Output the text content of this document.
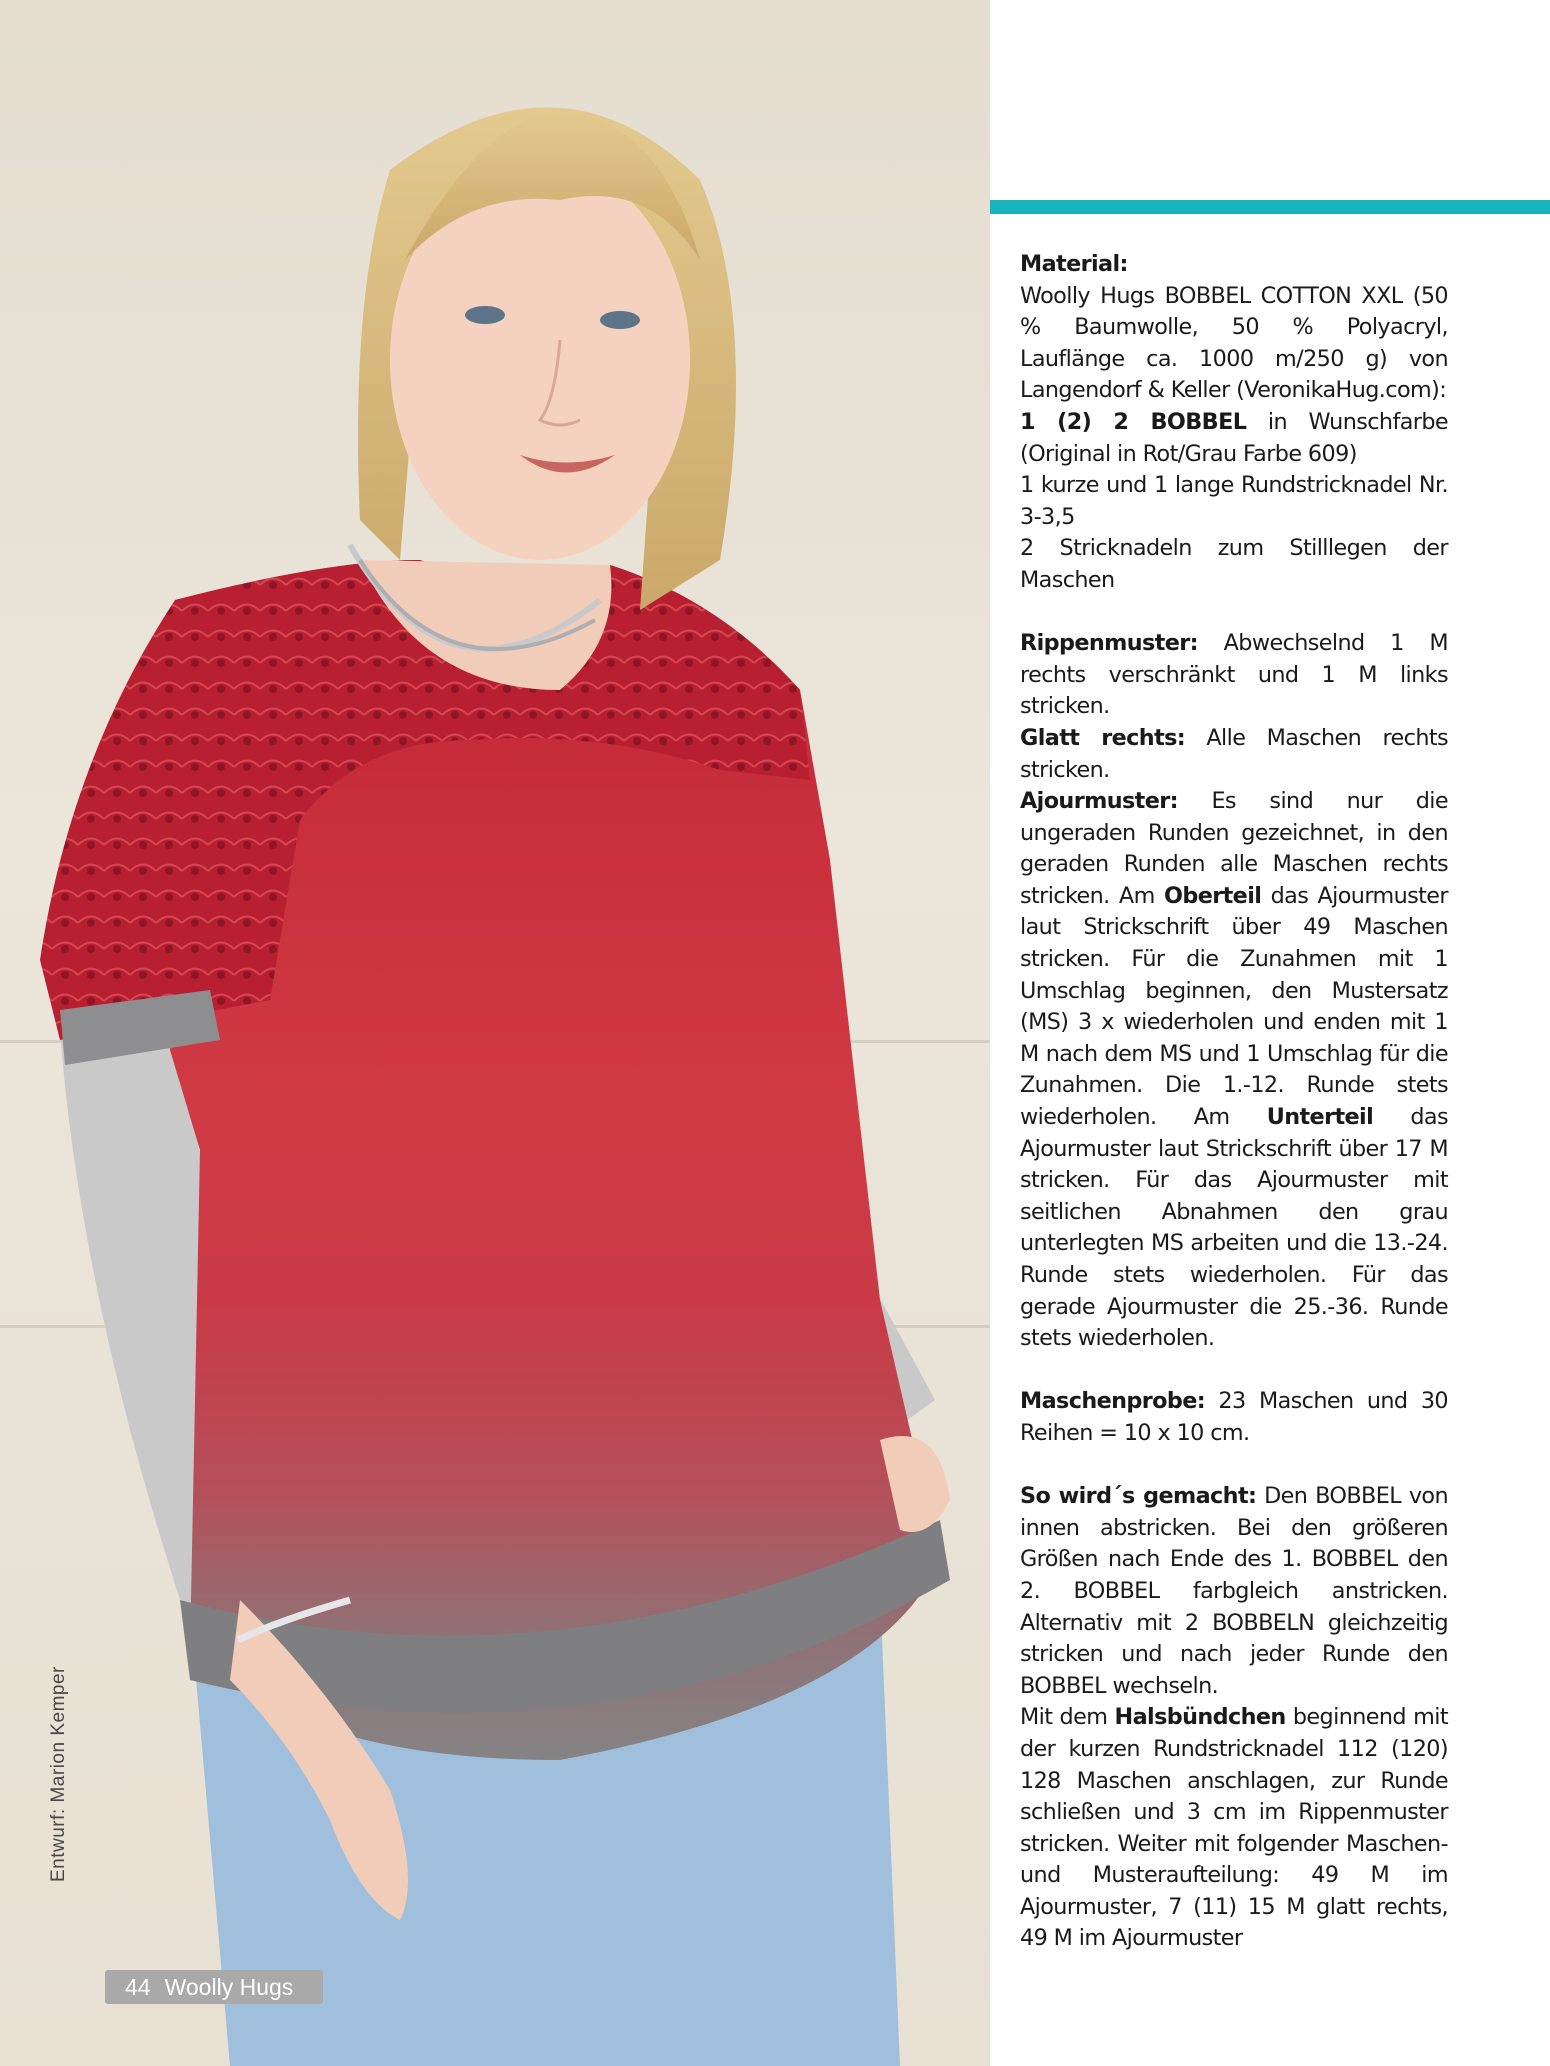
Entwurf: Marion Kemper
44 Woolly Hugs

Material:
Woolly Hugs BOBBEL COTTON XXL (50 % Baumwolle, 50 % Polyacryl, Lauflänge ca. 1000 m/250 g) von Langendorf & Keller (VeronikaHug.com):
1 (2) 2 BOBBEL in Wunschfarbe (Original in Rot/Grau Farbe 609)
1 kurze und 1 lange Rundstricknadel Nr. 3-3,5
2 Stricknadeln zum Stilllegen der Maschen

Rippenmuster: Abwechselnd 1 M rechts verschränkt und 1 M links stricken.

Glatt rechts: Alle Maschen rechts stricken.

Ajourmuster: Es sind nur die ungeraden Runden gezeichnet, in den geraden Runden alle Maschen rechts stricken. Am Oberteil das Ajourmuster laut Strickschrift über 49 Maschen stricken. Für die Zunahmen mit 1 Umschlag beginnen, den Mustersatz (MS) 3 x wiederholen und enden mit 1 M nach dem MS und 1 Umschlag für die Zunahmen. Die 1.-12. Runde stets wiederholen. Am Unterteil das Ajourmuster laut Strickschrift über 17 M stricken. Für das Ajourmuster mit seitlichen Abnahmen den grau unterlegten MS arbeiten und die 13.-24. Runde stets wiederholen. Für das gerade Ajourmuster die 25.-36. Runde stets wiederholen.

Maschenprobe: 23 Maschen und 30 Reihen = 10 x 10 cm.

So wird´s gemacht: Den BOBBEL von innen abstricken. Bei den größeren Größen nach Ende des 1. BOBBEL den 2. BOBBEL farbgleich anstricken. Alternativ mit 2 BOBBELN gleichzeitig stricken und nach jeder Runde den BOBBEL wechseln.

Mit dem Halsbündchen beginnend mit der kurzen Rundstricknadel 112 (120) 128 Maschen anschlagen, zur Runde schließen und 3 cm im Rippenmuster stricken. Weiter mit folgender Maschen- und Musteraufteilung: 49 M im Ajourmuster, 7 (11) 15 M glatt rechts, 49 M im Ajourmuster
